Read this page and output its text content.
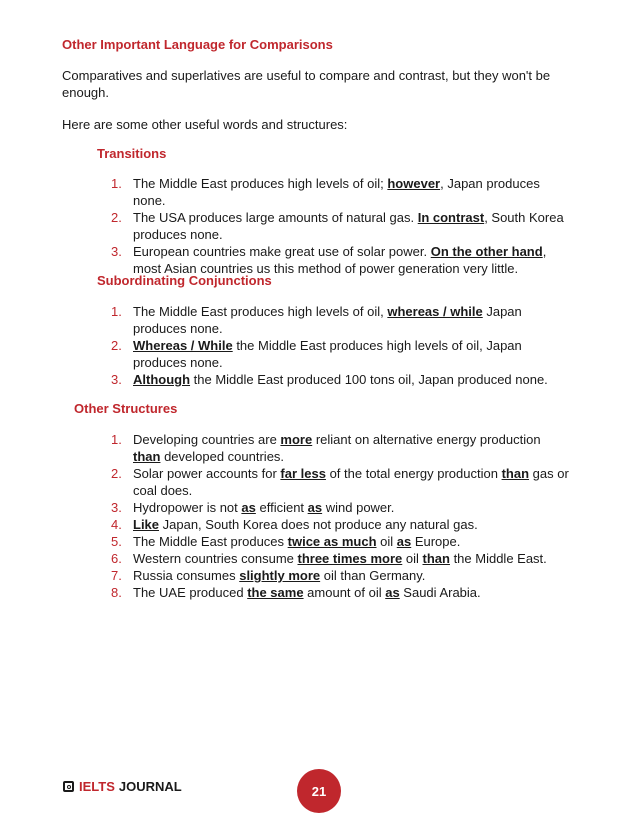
Other Important Language for Comparisons
Comparatives and superlatives are useful to compare and contrast, but they won't be enough.
Here are some other useful words and structures:
Transitions
1. The Middle East produces high levels of oil; however, Japan produces none.
2. The USA produces large amounts of natural gas. In contrast, South Korea produces none.
3. European countries make great use of solar power. On the other hand, most Asian countries us this method of power generation very little.
Subordinating Conjunctions
1. The Middle East produces high levels of oil, whereas / while Japan produces none.
2. Whereas / While the Middle East produces high levels of oil, Japan produces none.
3. Although the Middle East produced 100 tons oil, Japan produced none.
Other Structures
1. Developing countries are more reliant on alternative energy production than developed countries.
2. Solar power accounts for far less of the total energy production than gas or coal does.
3. Hydropower is not as efficient as wind power.
4. Like Japan, South Korea does not produce any natural gas.
5. The Middle East produces twice as much oil as Europe.
6. Western countries consume three times more oil than the Middle East.
7. Russia consumes slightly more oil than Germany.
8. The UAE produced the same amount of oil as Saudi Arabia.
IELTS JOURNAL	21
